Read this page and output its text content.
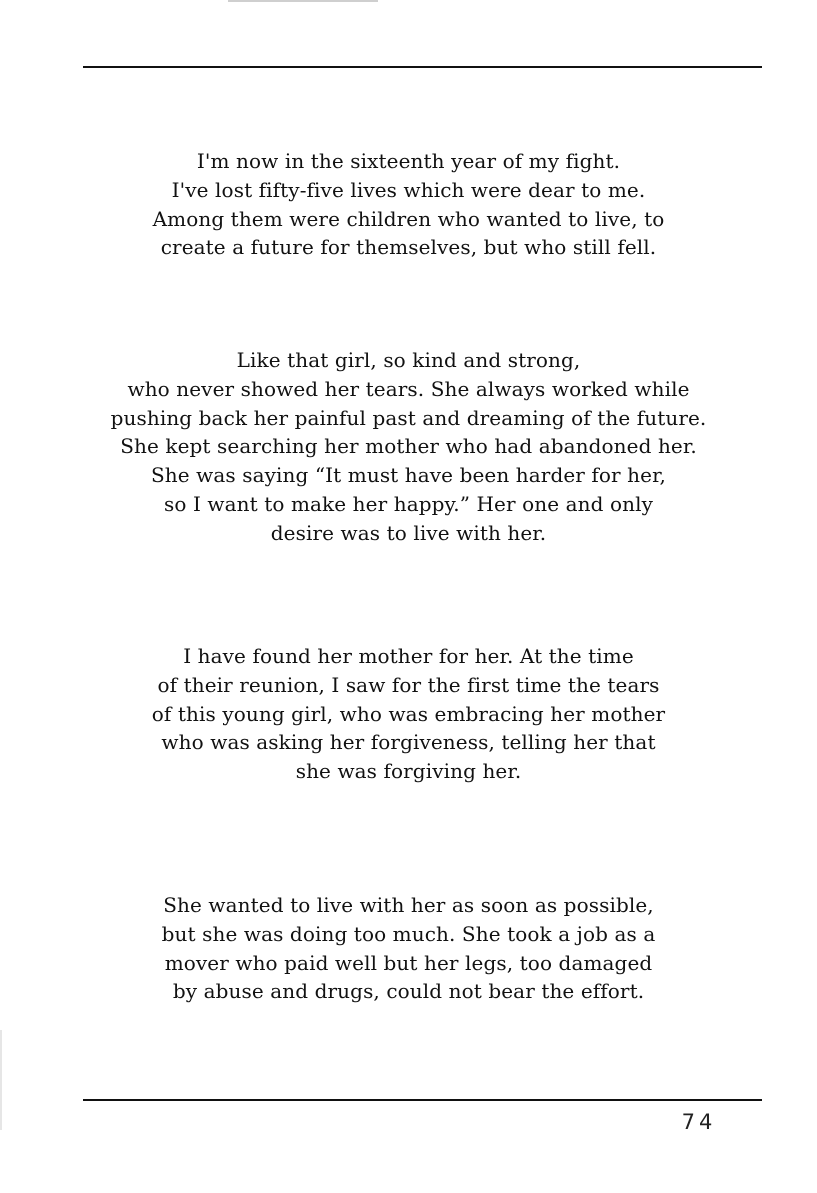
I'm now in the sixteenth year of my fight.
I've lost fifty-five lives which were dear to me.
Among them were children who wanted to live, to
create a future for themselves, but who still fell.
Like that girl, so kind and strong,
who never showed her tears. She always worked while
pushing back her painful past and dreaming of the future.
She kept searching her mother who had abandoned her.
She was saying “It must have been harder for her,
so I want to make her happy.” Her one and only
desire was to live with her.
I have found her mother for her. At the time
of their reunion, I saw for the first time the tears
of this young girl, who was embracing her mother
who was asking her forgiveness, telling her that
she was forgiving her.
She wanted to live with her as soon as possible,
but she was doing too much. She took a job as a
mover who paid well but her legs, too damaged
by abuse and drugs, could not bear the effort.
74
